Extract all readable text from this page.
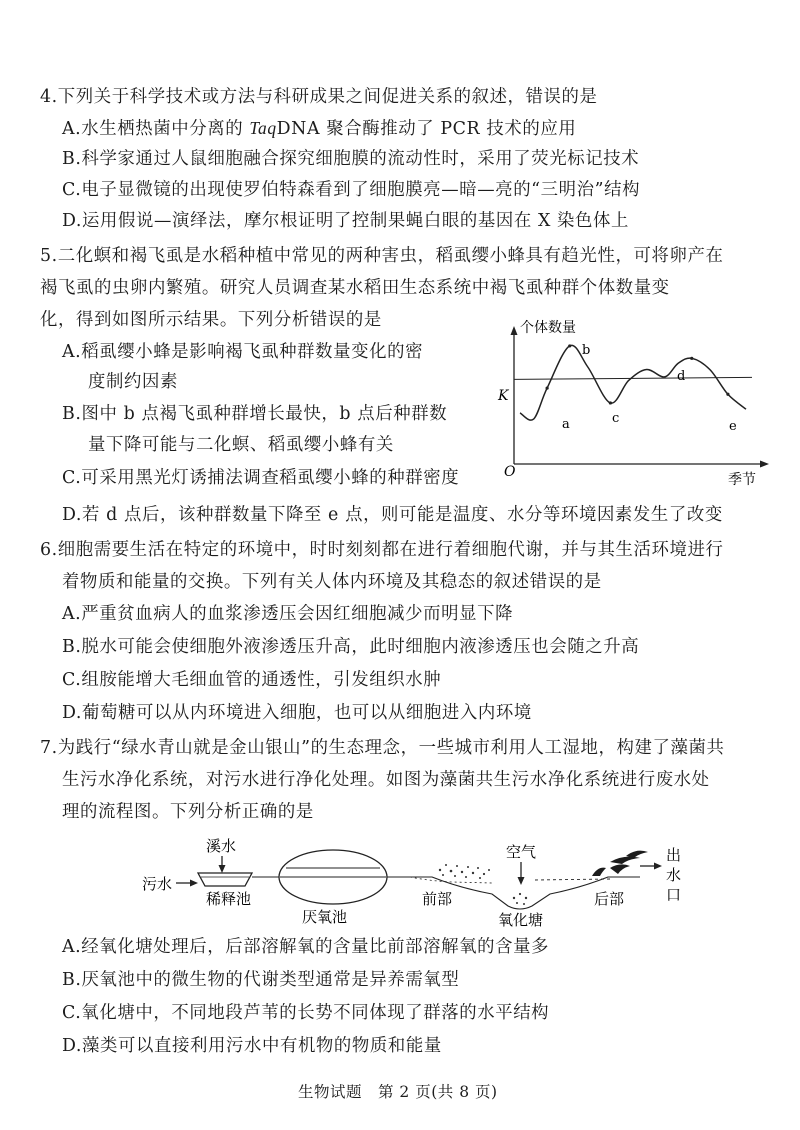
4.下列关于科学技术或方法与科研成果之间促进关系的叙述，错误的是
A.水生栖热菌中分离的 TaqDNA 聚合酶推动了 PCR 技术的应用
B.科学家通过人鼠细胞融合探究细胞膜的流动性时，采用了荧光标记技术
C.电子显微镜的出现使罗伯特森看到了细胞膜亮—暗—亮的“三明治”结构
D.运用假说—演绎法，摩尔根证明了控制果蝇白眼的基因在 X 染色体上
5.二化螟和褐飞虱是水稻种植中常见的两种害虫，稻虱缨小蜂具有趋光性，可将卵产在
褐飞虱的虫卵内繁殖。研究人员调查某水稻田生态系统中褐飞虱种群个体数量变
化，得到如图所示结果。下列分析错误的是
A.稻虱缨小蜂是影响褐飞虱种群数量变化的密
度制约因素
B.图中 b 点褐飞虱种群增长最快，b 点后种群数
量下降可能与二化螟、稻虱缨小蜂有关
C.可采用黑光灯诱捕法调查稻虱缨小蜂的种群密度
D.若 d 点后，该种群数量下降至 e 点，则可能是温度、水分等环境因素发生了改变
个体数量
K
O	季节
a
b
c
d
e
6.细胞需要生活在特定的环境中，时时刻刻都在进行着细胞代谢，并与其生活环境进行
着物质和能量的交换。下列有关人体内环境及其稳态的叙述错误的是
A.严重贫血病人的血浆渗透压会因红细胞减少而明显下降
B.脱水可能会使细胞外液渗透压升高，此时细胞内液渗透压也会随之升高
C.组胺能增大毛细血管的通透性，引发组织水肿
D.葡萄糖可以从内环境进入细胞，也可以从细胞进入内环境
7.为践行“绿水青山就是金山银山”的生态理念，一些城市利用人工湿地，构建了藻菌共
生污水净化系统，对污水进行净化处理。如图为藻菌共生污水净化系统进行废水处
理的流程图。下列分析正确的是
溪水
污水
稀释池
厌氧池
前部
空气
氧化塘
后部
出
水
口
A.经氧化塘处理后，后部溶解氧的含量比前部溶解氧的含量多
B.厌氧池中的微生物的代谢类型通常是异养需氧型
C.氧化塘中，不同地段芦苇的长势不同体现了群落的水平结构
D.藻类可以直接利用污水中有机物的物质和能量
生物试题　第 2 页(共 8 页)
